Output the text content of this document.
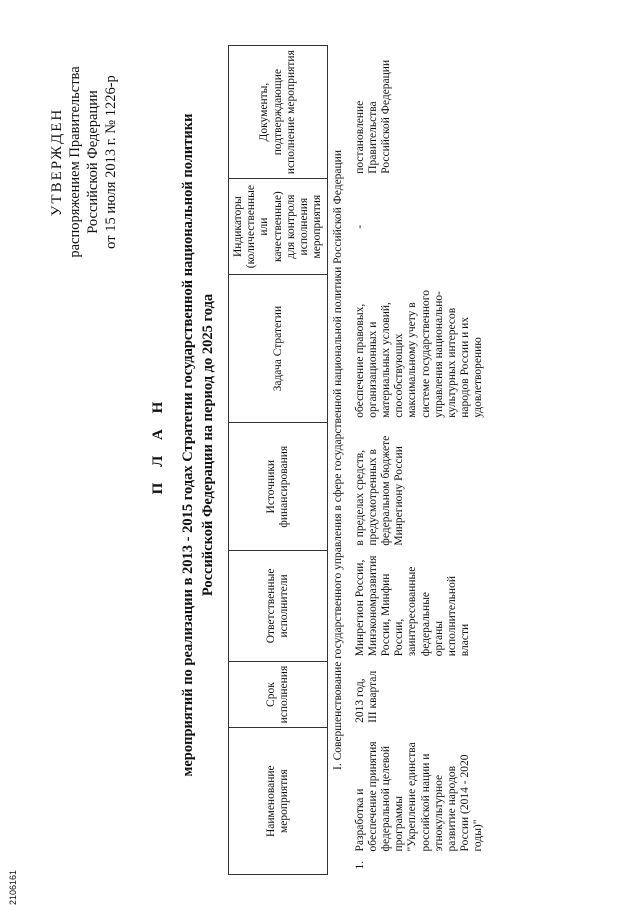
УТВЕРЖДЕН распоряжением Правительства Российской Федерации от 15 июля 2013 г. № 1226-р
П Л А Н мероприятий по реализации в 2013 - 2015 годах Стратегии государственной национальной политики Российской Федерации на период до 2025 года
Наименование мероприятия	Срок исполнения	Ответственные исполнители	Источники финансирования	Задача Стратегии	Индикаторы (количественные или качественные) для контроля исполнения мероприятия	Документы, подтверждающие исполнение мероприятия
I. Совершенствование государственного управления в сфере государственной национальной политики Российской Федерации						
1.Разработка и обеспечение принятия федеральной целевой программы "Укрепление единства российской нации и этнокультурное развитие народов России (2014 - 2020 годы)"	2013 год, III квартал	Минрегион России, Минэкономразвития России, Минфин России, заинтересованные федеральные органы исполнительной власти	в пределах средств, предусмотренных в федеральном бюджете Минрегиону России	обеспечение правовых, организационных и материальных условий, способствующих максимальному учету в системе государственного управления национально-культурных интересов народов России и их удовлетворению	-	постановление Правительства Российской Федерации
2106161
